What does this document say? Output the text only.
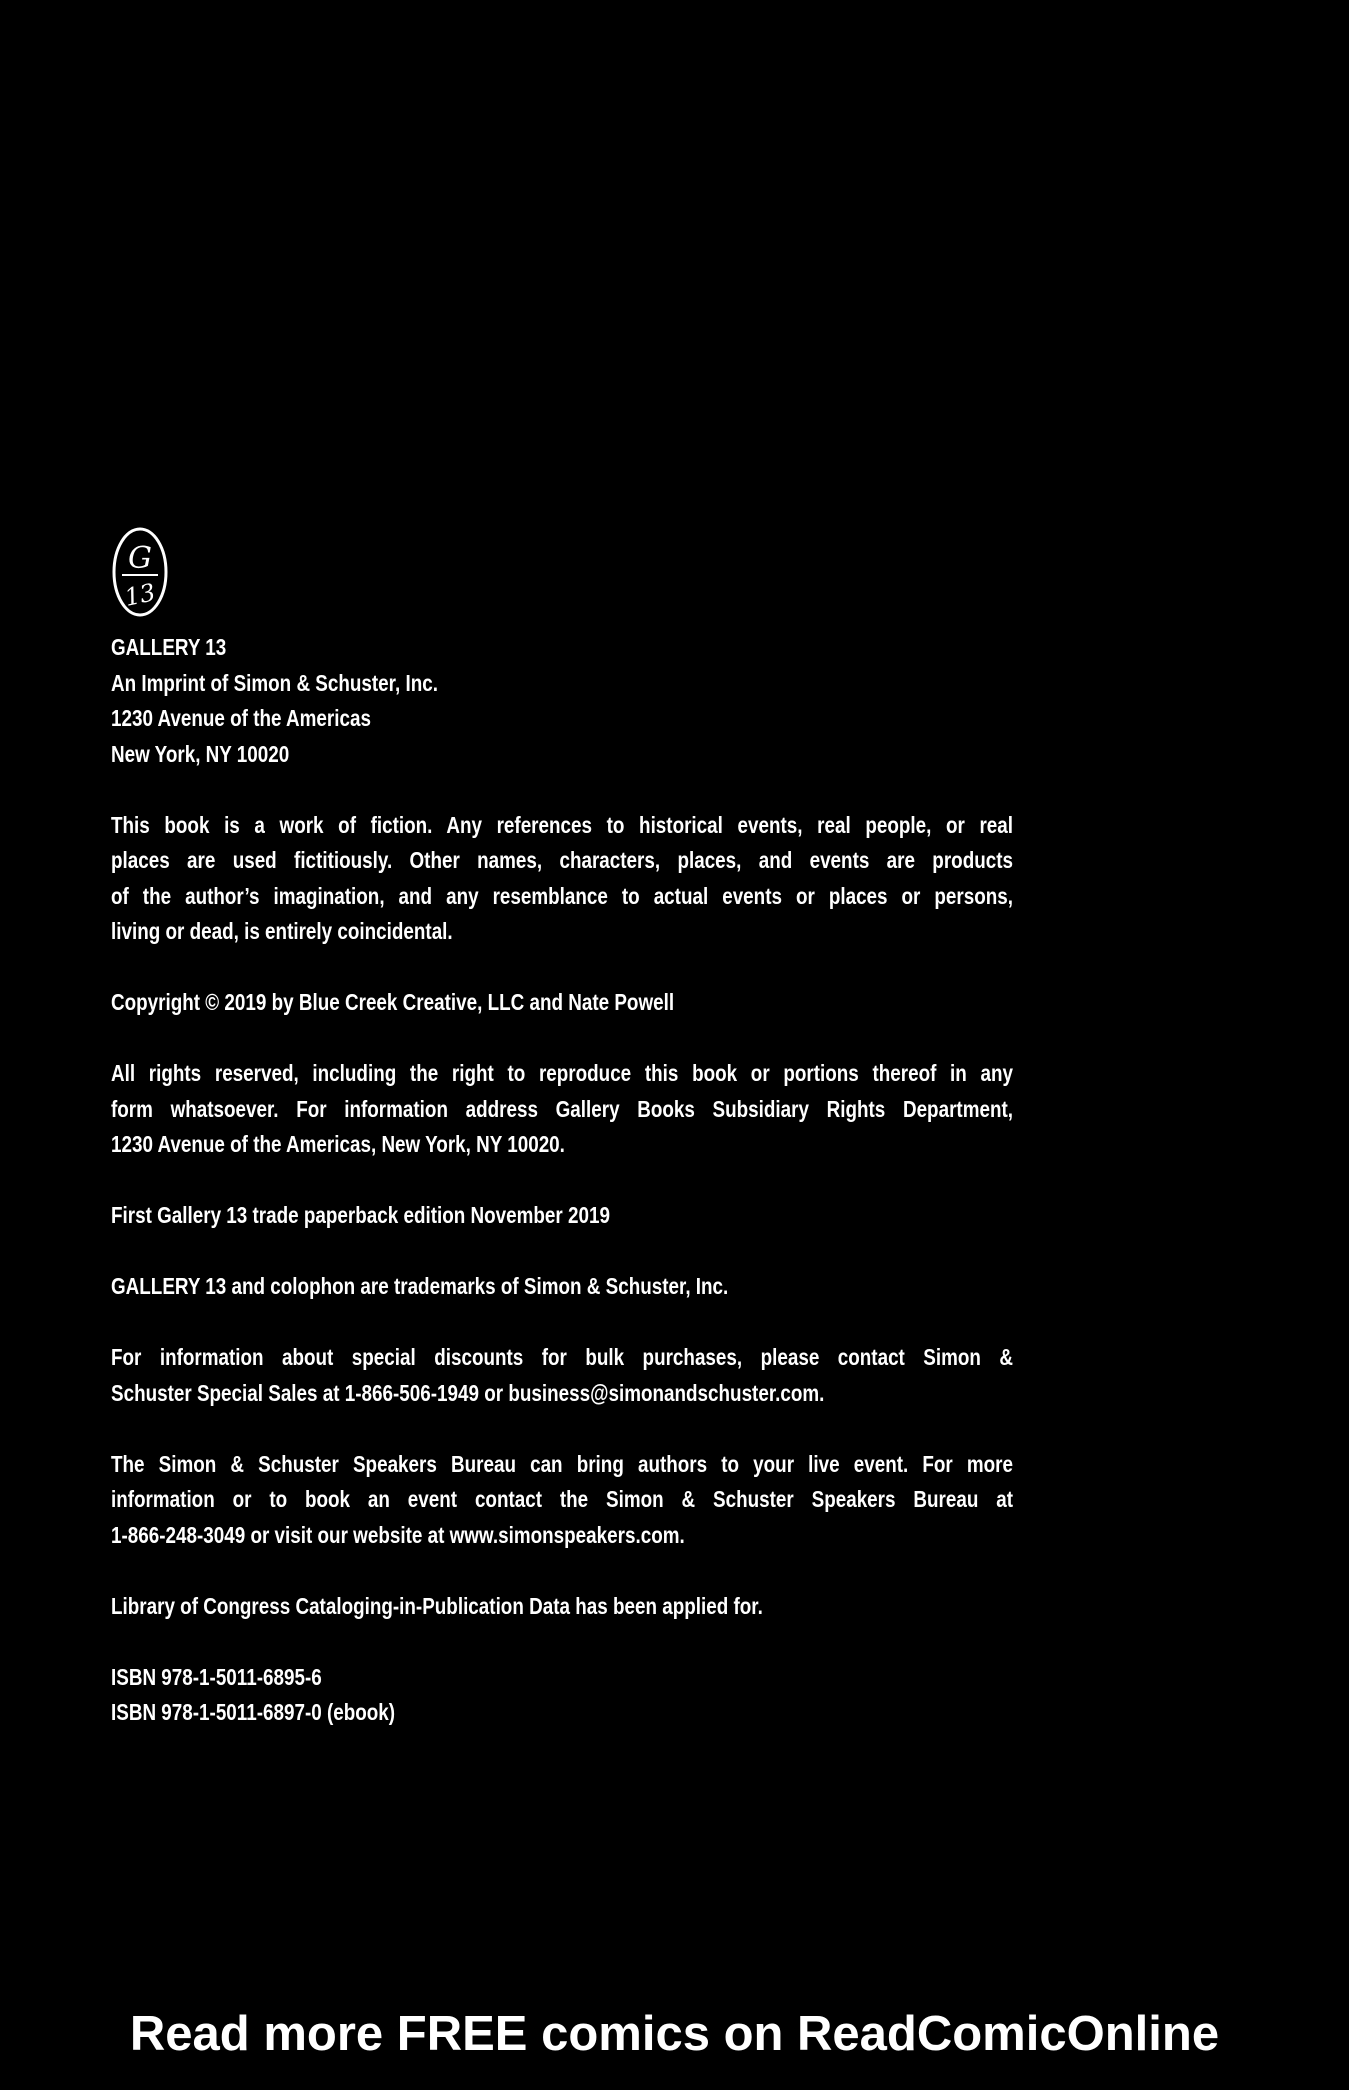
G
13
GALLERY 13
An Imprint of Simon & Schuster, Inc.
1230 Avenue of the Americas
New York, NY 10020
This book is a work of fiction. Any references to historical events, real people, or real
places are used fictitiously. Other names, characters, places, and events are products
of the author’s imagination, and any resemblance to actual events or places or persons,
living or dead, is entirely coincidental.
Copyright © 2019 by Blue Creek Creative, LLC and Nate Powell
All rights reserved, including the right to reproduce this book or portions thereof in any
form whatsoever. For information address Gallery Books Subsidiary Rights Department,
1230 Avenue of the Americas, New York, NY 10020.
First Gallery 13 trade paperback edition November 2019
GALLERY 13 and colophon are trademarks of Simon & Schuster, Inc.
For information about special discounts for bulk purchases, please contact Simon &
Schuster Special Sales at 1-866-506-1949 or business@simonandschuster.com.
The Simon & Schuster Speakers Bureau can bring authors to your live event. For more
information or to book an event contact the Simon & Schuster Speakers Bureau at
1-866-248-3049 or visit our website at www.simonspeakers.com.
Library of Congress Cataloging-in-Publication Data has been applied for.
ISBN 978-1-5011-6895-6
ISBN 978-1-5011-6897-0 (ebook)
Read more FREE comics on ReadComicOnline
